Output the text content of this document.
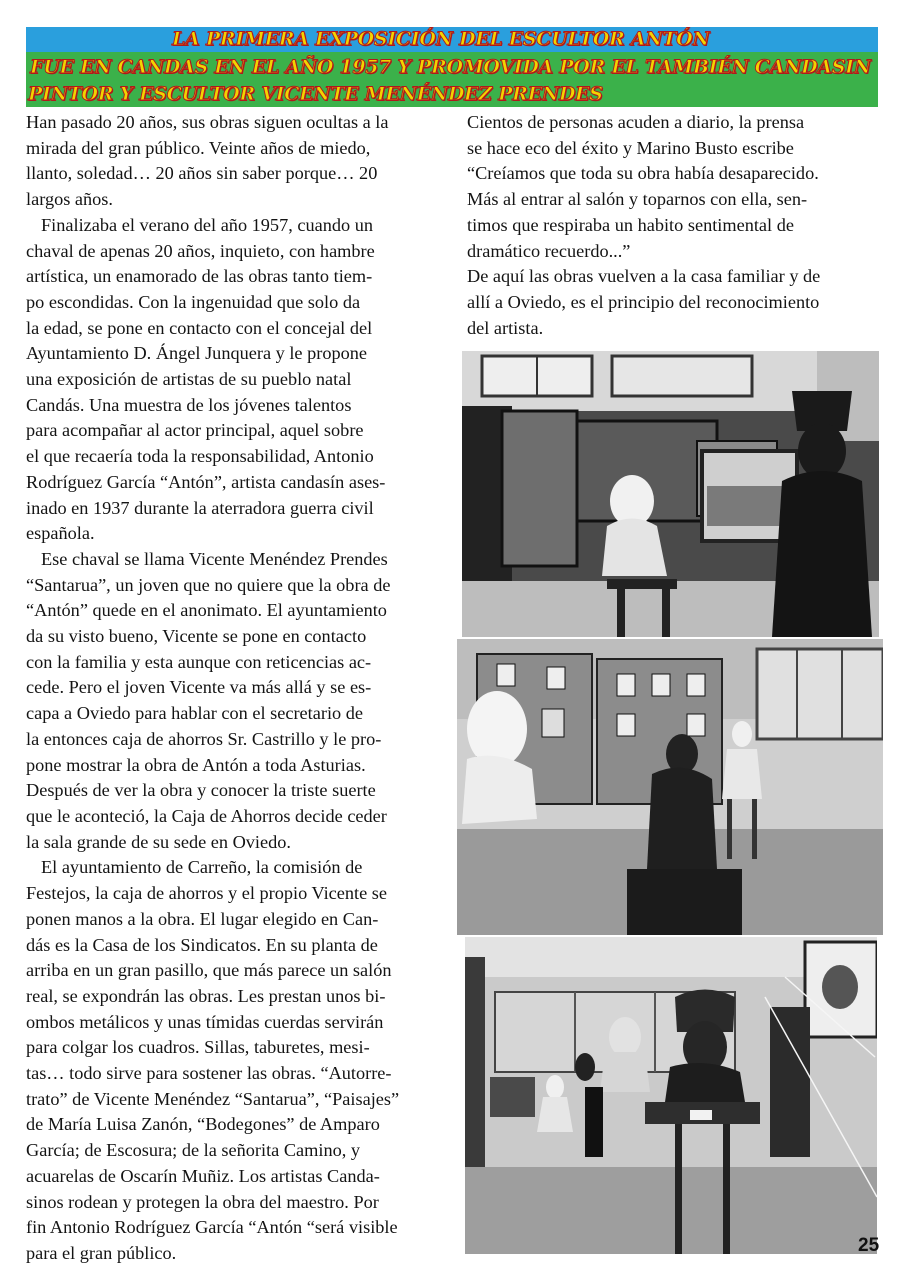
LA PRIMERA EXPOSICIÓN DEL ESCULTOR ANTÓN
FUE EN CANDAS EN EL AÑO 1957 Y PROMOVIDA POR EL TAMBIÉN CANDASIN
PINTOR Y ESCULTOR VICENTE MENÉNDEZ PRENDES

Han pasado 20 años, sus obras siguen ocultas a la

mirada del gran público. Veinte años de miedo,

llanto, soledad… 20 años sin saber porque… 20

largos años.

Finalizaba el verano del año 1957, cuando un

chaval de apenas 20 años, inquieto, con hambre

artística, un enamorado de las obras tanto tiem-

po escondidas. Con la ingenuidad que solo da

la edad, se pone en contacto con el concejal del

Ayuntamiento D. Ángel Junquera y le propone

una exposición de artistas de su pueblo natal

Candás. Una muestra de los jóvenes talentos

para acompañar al actor principal, aquel sobre

el que recaería toda la responsabilidad, Antonio

Rodríguez García “Antón”, artista candasín ases-

inado en 1937 durante la aterradora guerra civil

española.

Ese chaval se llama Vicente Menéndez Prendes

“Santarua”, un joven que no quiere que la obra de

“Antón” quede en el anonimato. El ayuntamiento

da su visto bueno, Vicente se pone en contacto

con la familia y esta aunque con reticencias ac-

cede. Pero el joven Vicente va más allá y se es-

capa a Oviedo para hablar con el secretario de

la entonces caja de ahorros Sr. Castrillo y le pro-

pone mostrar la obra de Antón a toda Asturias.

Después de ver la obra y conocer la triste suerte

que le aconteció, la Caja de Ahorros decide ceder

la sala grande de su sede en Oviedo.

El ayuntamiento de Carreño, la comisión de

Festejos, la caja de ahorros y el propio Vicente se

ponen manos a la obra. El lugar elegido en Can-

dás es la Casa de los Sindicatos. En su planta de

arriba en un gran pasillo, que más parece un salón

real, se expondrán las obras. Les prestan unos bi-

ombos metálicos y unas tímidas cuerdas servirán

para colgar los cuadros. Sillas, taburetes, mesi-

tas… todo sirve para sostener las obras. “Autorre-

trato” de Vicente Menéndez “Santarua”, “Paisajes”

de María Luisa Zanón, “Bodegones” de Amparo

García; de Escosura; de la señorita Camino, y

acuarelas de Oscarín Muñiz. Los artistas Canda-

sinos rodean y protegen la obra del maestro. Por

fin Antonio Rodríguez García “Antón “será visible

para el gran público.

Cientos de personas acuden a diario, la prensa

se hace eco del éxito y Marino Busto escribe

“Creíamos que toda su obra había desaparecido.

Más al entrar al salón y toparnos con ella, sen-

timos que respiraba un habito sentimental de

dramático recuerdo...”

De aquí las obras vuelven a la casa familiar y de

allí a Oviedo, es el principio del reconocimiento

del artista.

25
